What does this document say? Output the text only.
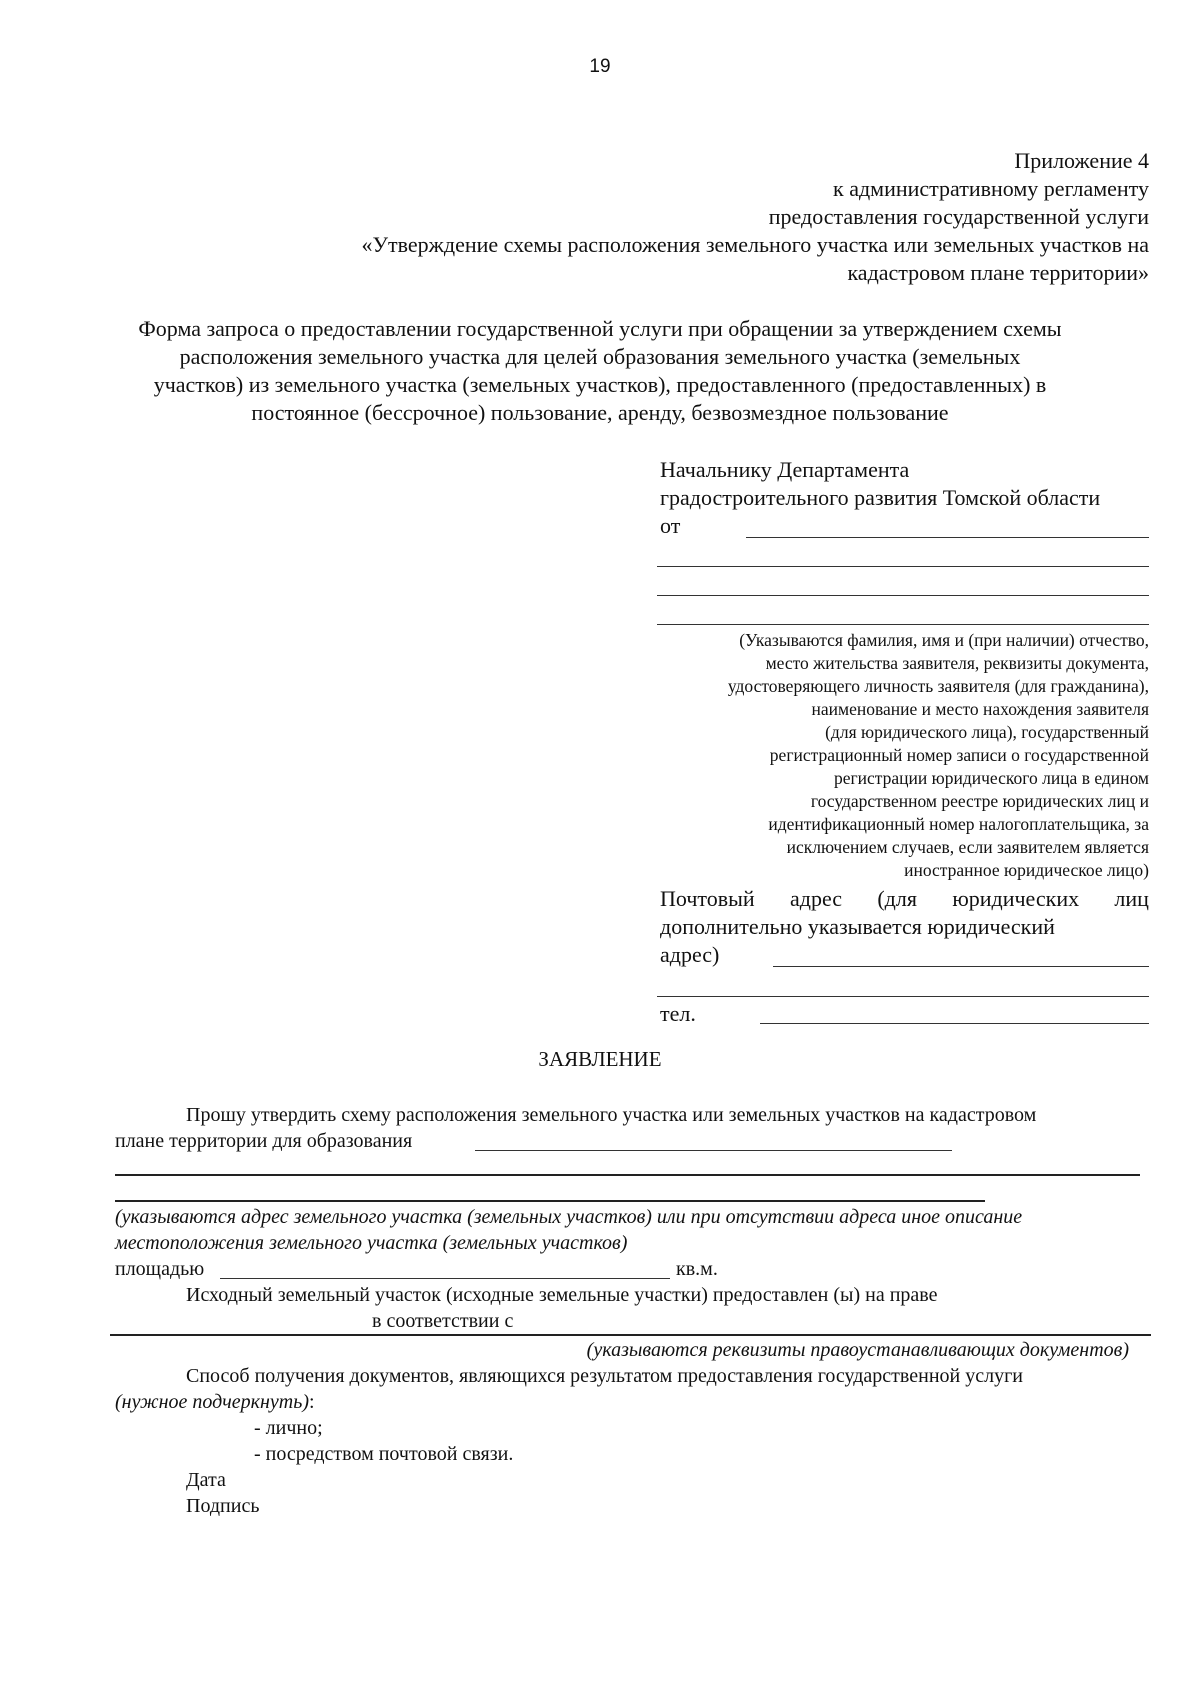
19
Приложение 4
к административному регламенту
предоставления государственной услуги
«Утверждение схемы расположения земельного участка или земельных участков на
кадастровом плане территории»
Форма запроса о предоставлении государственной услуги при обращении за утверждением схемы
расположения земельного участка для целей образования земельного участка (земельных
участков) из земельного участка (земельных участков), предоставленного (предоставленных) в
постоянное (бессрочное) пользование, аренду, безвозмездное пользование
Начальнику Департамента
градостроительного развития Томской области
от
(Указываются фамилия, имя и (при наличии) отчество,
место жительства заявителя, реквизиты документа,
удостоверяющего личность заявителя (для гражданина),
наименование и место нахождения заявителя
(для юридического лица), государственный
регистрационный номер записи о государственной
регистрации юридического лица в едином
государственном реестре юридических лиц и
идентификационный номер налогоплательщика, за
исключением случаев, если заявителем является
иностранное юридическое лицо)
Почтовый адрес (для юридических лиц
дополнительно указывается юридический
адрес)
тел.
ЗАЯВЛЕНИЕ
Прошу утвердить схему расположения земельного участка или земельных участков на кадастровом
плане территории для образования
(указываются адрес земельного участка (земельных участков) или при отсутствии адреса иное описание
местоположения земельного участка (земельных участков)
площадью	кв.м.
Исходный земельный участок (исходные земельные участки) предоставлен (ы) на праве
в соответствии с
(указываются реквизиты правоустанавливающих документов)
Способ получения документов, являющихся результатом предоставления государственной услуги
(нужное подчеркнуть):
- лично;
- посредством почтовой связи.
Дата
Подпись
